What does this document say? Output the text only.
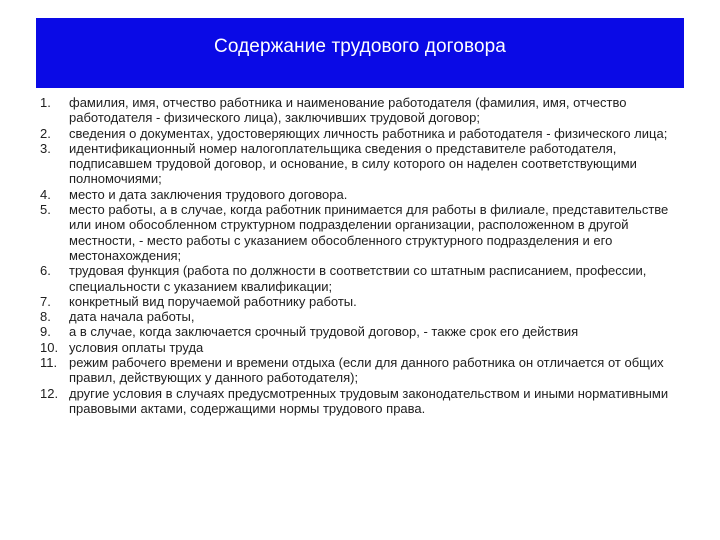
Содержание трудового договора
1.	фамилия, имя, отчество работника и наименование работодателя (фамилия, имя, отчество работодателя - физического лица), заключивших трудовой договор;
2.	сведения о документах, удостоверяющих личность работника и работодателя - физического лица;
3.	идентификационный номер налогоплательщика сведения о представителе работодателя, подписавшем трудовой договор, и основание, в силу которого он наделен соответствующими полномочиями;
4.	место и дата заключения трудового договора.
5.	место работы, а в случае, когда работник принимается для работы в филиале, представительстве или ином обособленном структурном подразделении организации, расположенном в другой местности, - место работы с указанием обособленного структурного подразделения и его местонахождения;
6.	трудовая функция (работа по должности в соответствии со штатным расписанием, профессии, специальности с указанием квалификации;
7.	конкретный вид поручаемой работнику работы.
8.	дата начала работы,
9.	а в случае, когда заключается срочный трудовой договор, - также срок его действия
10. условия оплаты труда
11. режим рабочего времени и времени отдыха (если для данного работника он отличается от общих правил, действующих у данного работодателя);
12. другие условия в случаях предусмотренных трудовым законодательством и иными нормативными правовыми актами, содержащими нормы трудового права.
